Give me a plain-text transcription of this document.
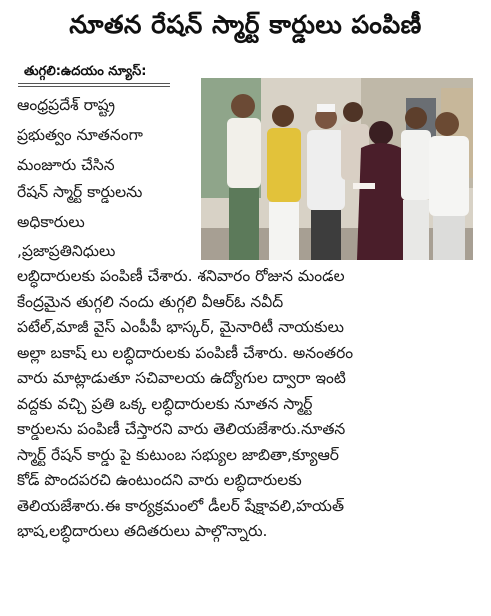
నూతన రేషన్ స్మార్ట్ కార్డులు పంపిణీ
తుగ్గలి:ఉదయం న్యూస్:
ఆంధ్రప్రదేశ్ రాష్ట్ర
ప్రభుత్వం నూతనంగా
మంజూరు చేసిన
రేషన్ స్మార్ట్ కార్డులను
అధికారులు
,ప్రజాప్రతినిధులు
లబ్ధిదారులకు పంపిణీ చేశారు. శనివారం రోజున మండల
కేంద్రమైన తుగ్గలి నందు తుగ్గలి వీఆర్ఓ నవీద్
పటేల్,మాజీ వైస్ ఎంపీపీ భాస్కర్, మైనారిటీ నాయకులు
అల్లా బకాష్ లు లబ్ధిదారులకు పంపిణీ చేశారు. అనంతరం
వారు మాట్లాడుతూ సచివాలయ ఉద్యోగుల ద్వారా ఇంటి
వద్దకు వచ్చి ప్రతి ఒక్క లబ్ధిదారులకు నూతన స్మార్ట్
కార్డులను పంపిణీ చేస్తారని వారు తెలియజేశారు.నూతన
స్మార్ట్ రేషన్ కార్డు పై కుటుంబ సభ్యుల జాబితా,క్యూఆర్
కోడ్ పొందపరచి ఉంటుందని వారు లబ్ధిదారులకు
తెలియజేశారు.ఈ కార్యక్రమంలో డీలర్ షేక్షావలి,హయత్
భాష,లబ్ధిదారులు తదితరులు పాల్గొన్నారు.
